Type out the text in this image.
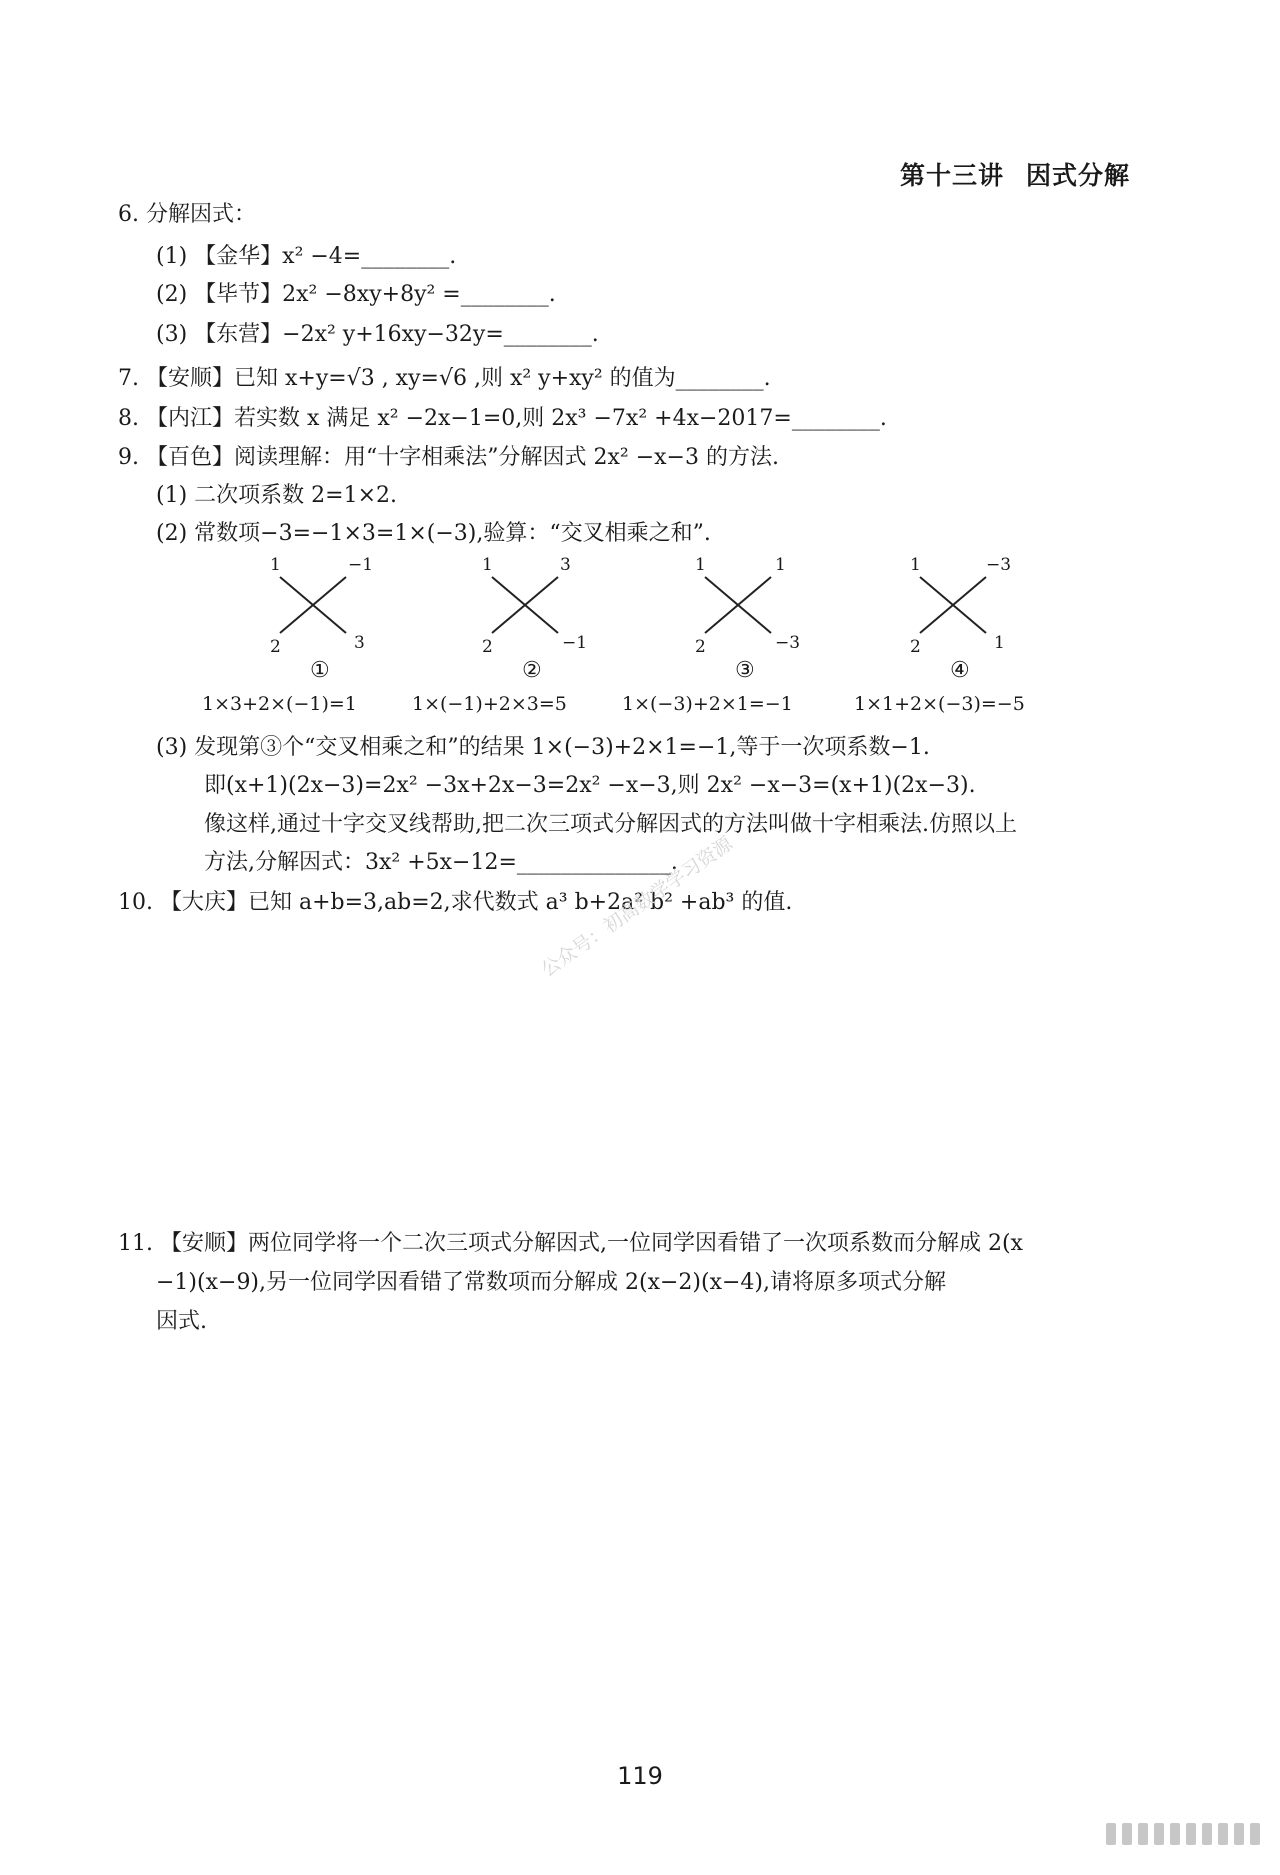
第十三讲 因式分解
6. 分解因式：
(1) 【金华】x² −4=________.
(2) 【毕节】2x² −8xy+8y² =________.
(3) 【东营】−2x² y+16xy−32y=________.
7. 【安顺】已知 x+y=√3 , xy=√6 ,则 x² y+xy² 的值为________.
8. 【内江】若实数 x 满足 x² −2x−1=0,则 2x³ −7x² +4x−2017=________.
9. 【百色】阅读理解：用“十字相乘法”分解因式 2x² −x−3 的方法.
(1) 二次项系数 2=1×2.
(2) 常数项−3=−1×3=1×(−3),验算：“交叉相乘之和”.
1	−1
2	3
①
1	3
2	−1
②
1	1
2	−3
③
1	−3
2	1
④
1×3+2×(−1)=1	1×(−1)+2×3=5	1×(−3)+2×1=−1	1×1+2×(−3)=−5
(3) 发现第③个“交叉相乘之和”的结果 1×(−3)+2×1=−1,等于一次项系数−1.
即(x+1)(2x−3)=2x² −3x+2x−3=2x² −x−3,则 2x² −x−3=(x+1)(2x−3).
像这样,通过十字交叉线帮助,把二次三项式分解因式的方法叫做十字相乘法.仿照以上
方法,分解因式：3x² +5x−12=______________.
10. 【大庆】已知 a+b=3,ab=2,求代数式 a³ b+2a² b² +ab³ 的值.
公众号：初高数学学习资源
11. 【安顺】两位同学将一个二次三项式分解因式,一位同学因看错了一次项系数而分解成 2(x
−1)(x−9),另一位同学因看错了常数项而分解成 2(x−2)(x−4),请将原多项式分解
因式.
119
